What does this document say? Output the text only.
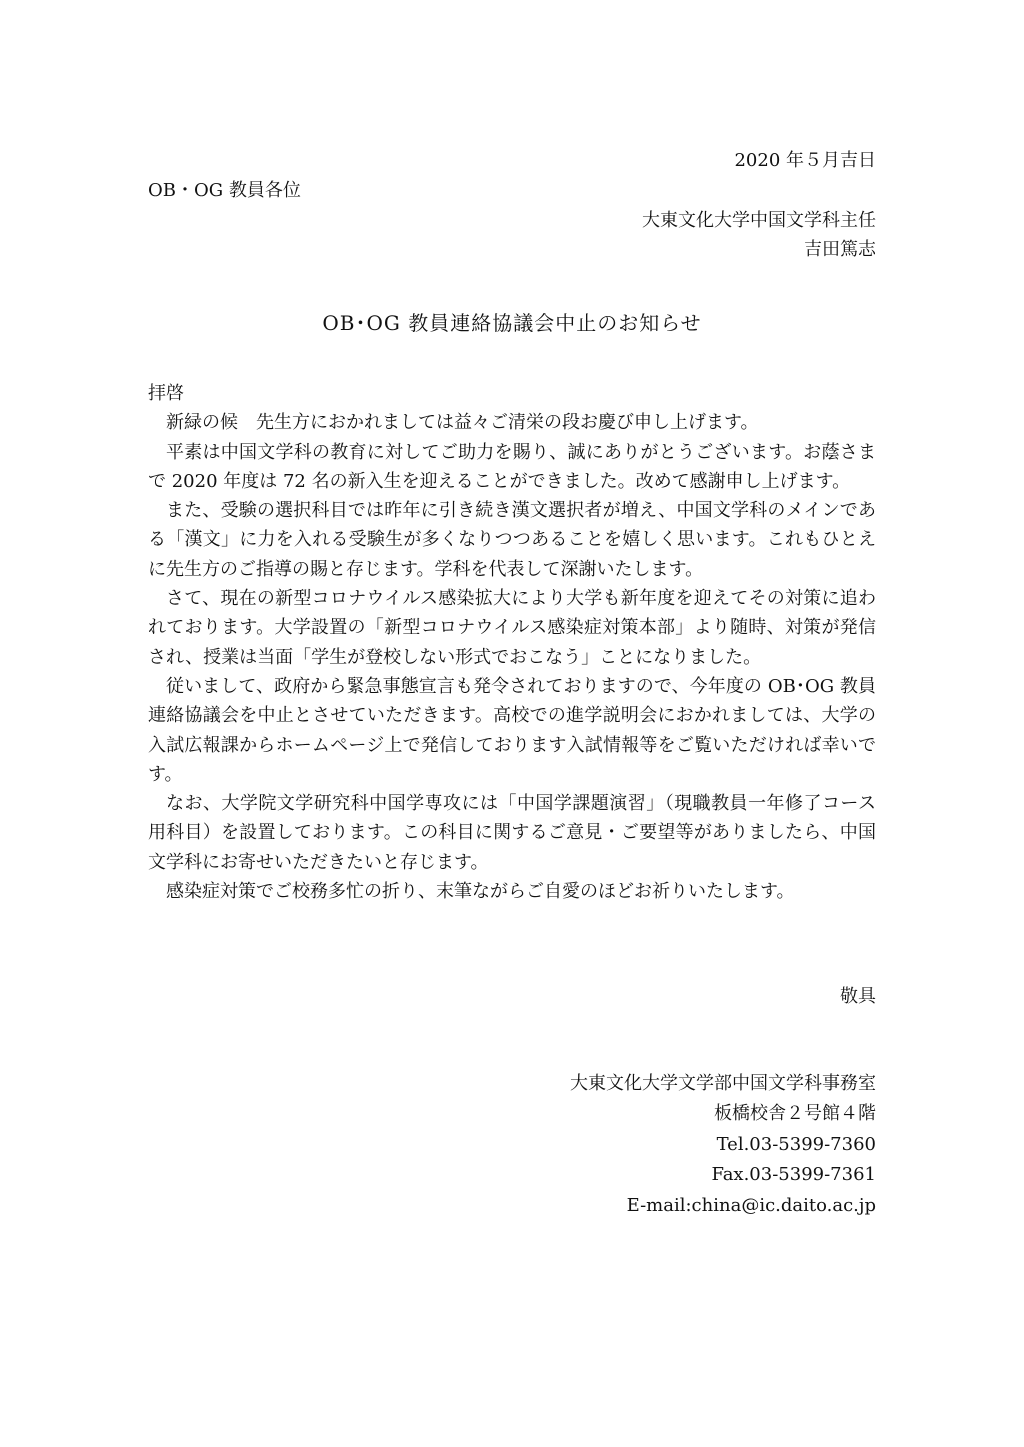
2020 年５月吉日
OB・OG 教員各位
大東文化大学中国文学科主任
吉田篤志
OB･OG 教員連絡協議会中止のお知らせ

拝啓

新緑の候　先生方におかれましては益々ご清栄の段お慶び申し上げます。

平素は中国文学科の教育に対してご助力を賜り、誠にありがとうございます。お蔭さまで 2020 年度は 72 名の新入生を迎えることができました。改めて感謝申し上げます。

また、受験の選択科目では昨年に引き続き漢文選択者が増え、中国文学科のメインである「漢文」に力を入れる受験生が多くなりつつあることを嬉しく思います。これもひとえに先生方のご指導の賜と存じます。学科を代表して深謝いたします。

さて、現在の新型コロナウイルス感染拡大により大学も新年度を迎えてその対策に追われております。大学設置の「新型コロナウイルス感染症対策本部」より随時、対策が発信され、授業は当面「学生が登校しない形式でおこなう」ことになりました。

従いまして、政府から緊急事態宣言も発令されておりますので、今年度の OB･OG 教員連絡協議会を中止とさせていただきます。高校での進学説明会におかれましては、大学の入試広報課からホームページ上で発信しております入試情報等をご覧いただければ幸いです。

なお、大学院文学研究科中国学専攻には「中国学課題演習」（現職教員一年修了コース用科目）を設置しております。この科目に関するご意見・ご要望等がありましたら、中国文学科にお寄せいただきたいと存じます。

感染症対策でご校務多忙の折り、末筆ながらご自愛のほどお祈りいたします。

敬具
大東文化大学文学部中国文学科事務室
板橋校舎２号館４階
Tel.03-5399-7360
Fax.03-5399-7361
E-mail:china@ic.daito.ac.jp
